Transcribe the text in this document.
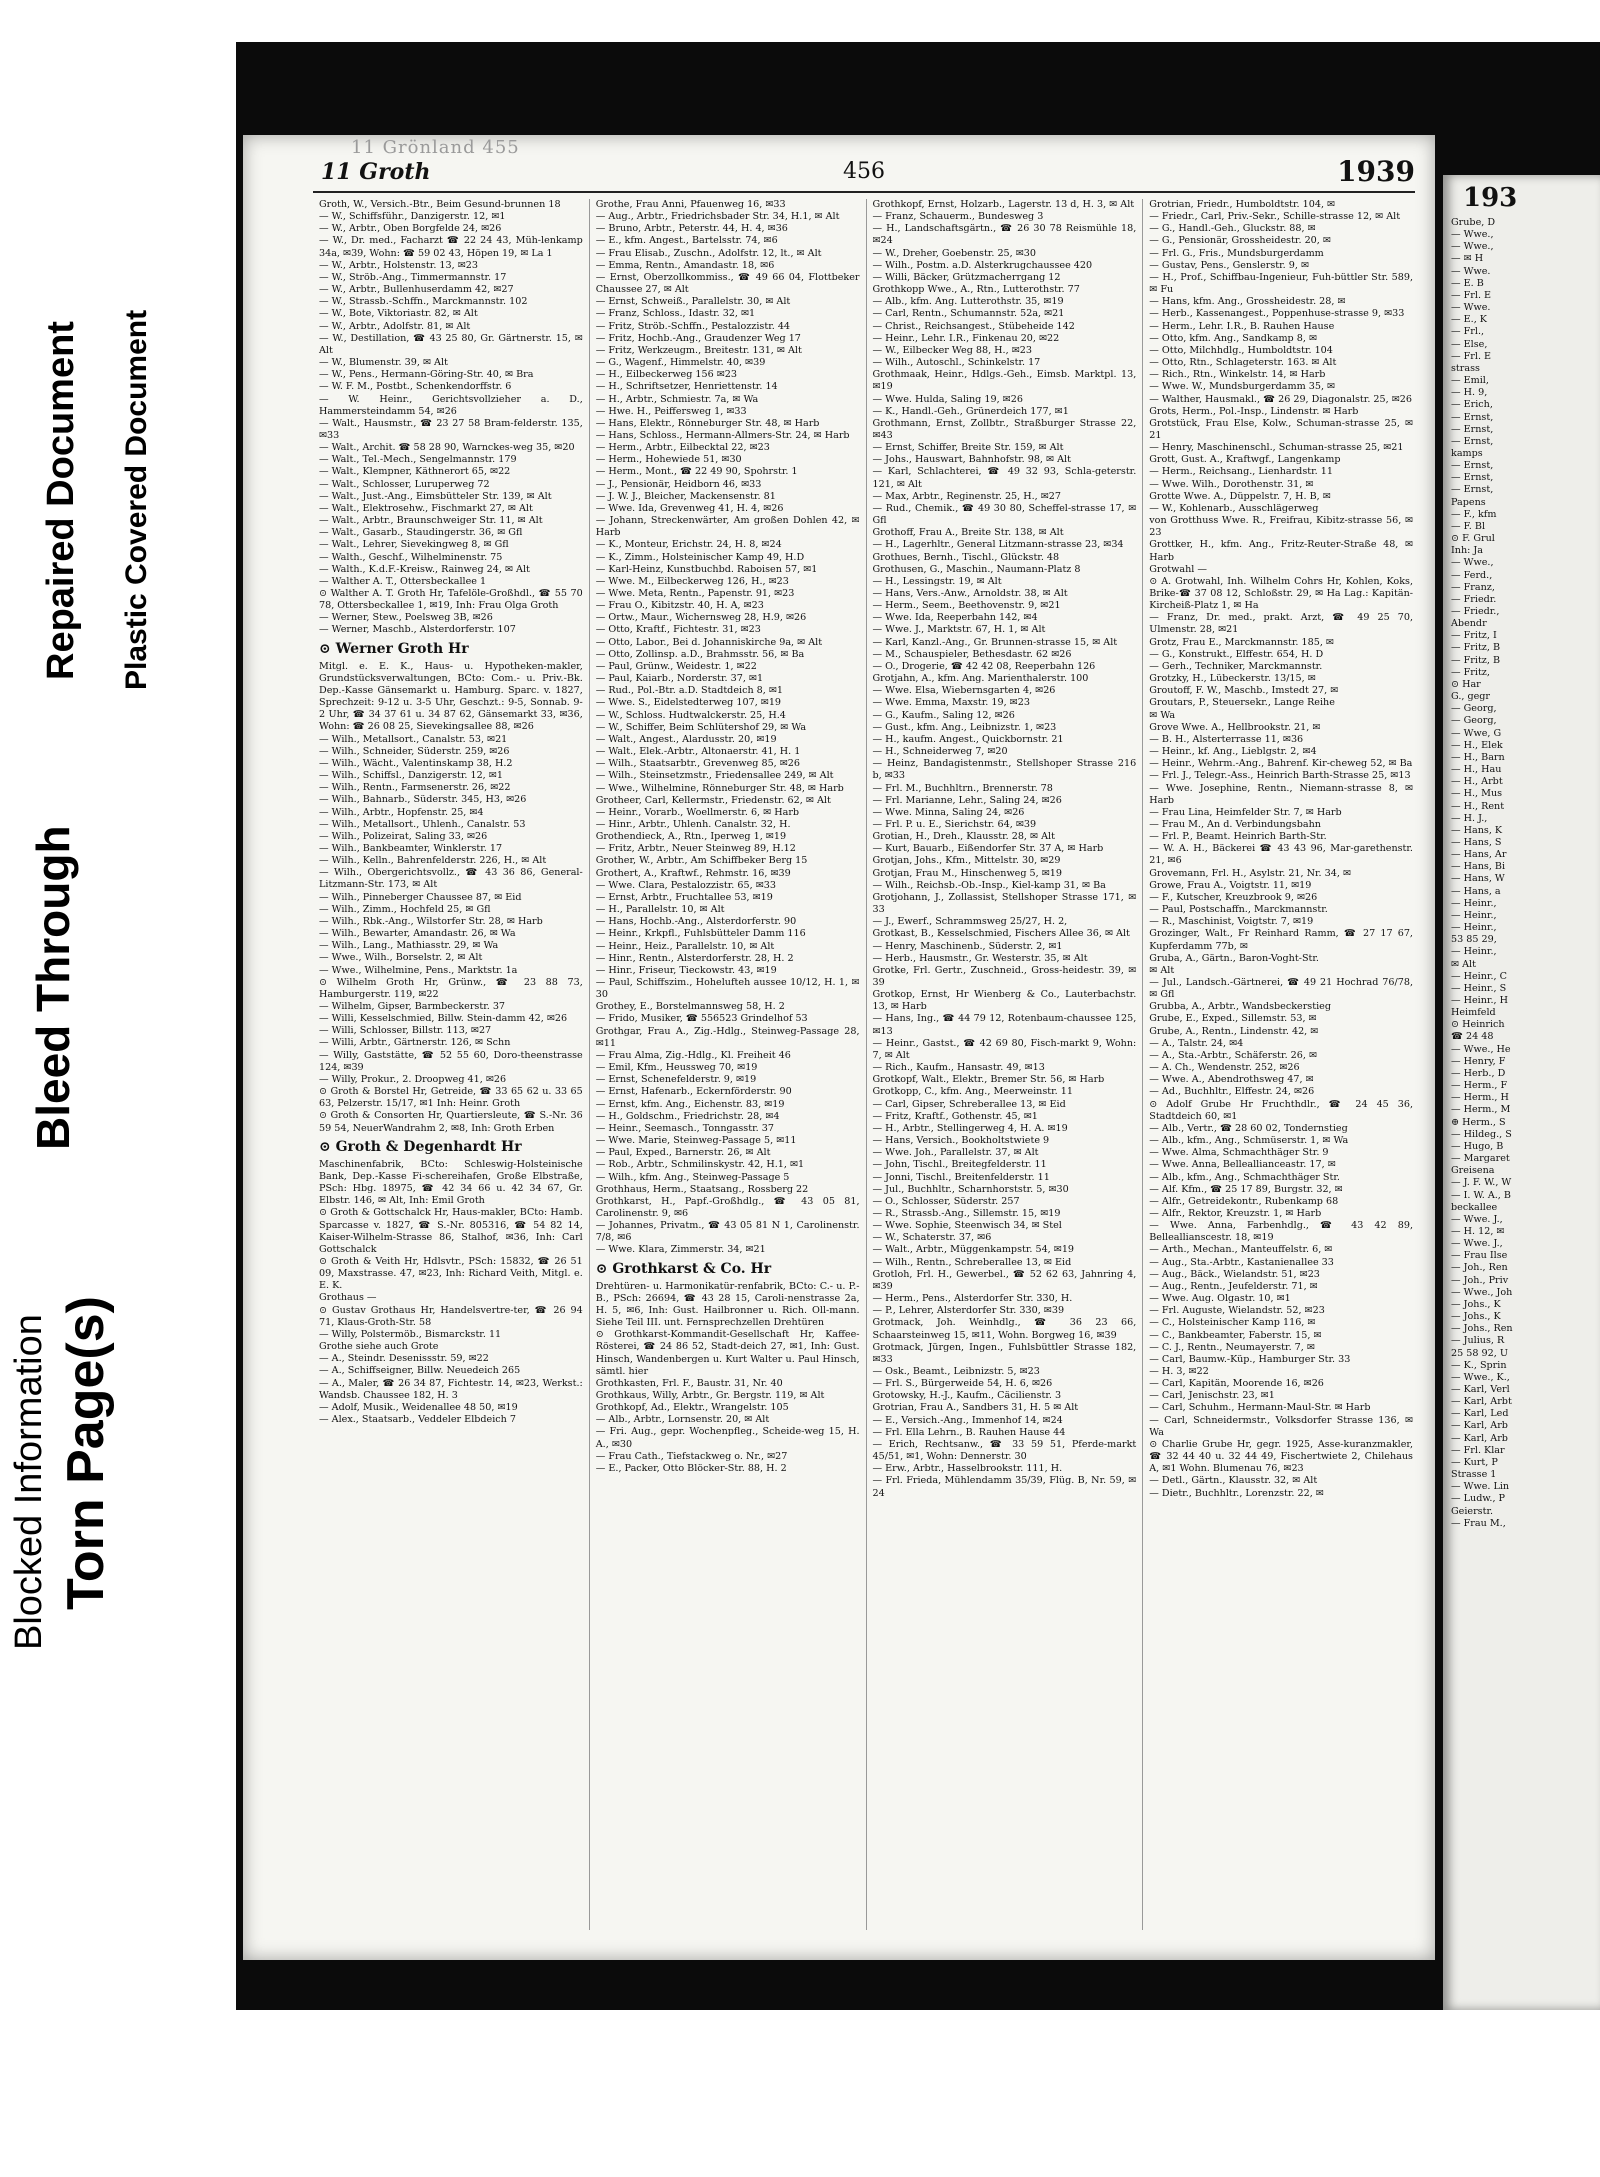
Blocked Information Torn Page(s)
Bleed Through
Repaired Document Plastic Covered Document
11 Grönland 455
11 Groth	456	1939

Groth, W., Versich.-Btr., Beim Gesund-brunnen 18

— W., Schiffsführ., Danzigerstr. 12, ✉1

— W., Arbtr., Oben Borgfelde 24, ✉26

— W., Dr. med., Facharzt ☎ 22 24 43, Müh-lenkamp 34a, ✉39, Wohn: ☎ 59 02 43, Höpen 19, ✉ La 1

— W., Arbtr., Holstenstr. 13, ✉23

— W., Ströb.-Ang., Timmermannstr. 17

— W., Arbtr., Bullenhuserdamm 42, ✉27

— W., Strassb.-Schffn., Marckmannstr. 102

— W., Bote, Viktoriastr. 82, ✉ Alt

— W., Arbtr., Adolfstr. 81, ✉ Alt

— W., Destillation, ☎ 43 25 80, Gr. Gärtnerstr. 15, ✉ Alt

— W., Blumenstr. 39, ✉ Alt

— W., Pens., Hermann-Göring-Str. 40, ✉ Bra

— W. F. M., Postbt., Schenkendorffstr. 6

— W. Heinr., Gerichtsvollzieher a. D., Hammersteindamm 54, ✉26

— Walt., Hausmstr., ☎ 23 27 58 Bram-felderstr. 135, ✉33

— Walt., Archit. ☎ 58 28 90, Warnckes-weg 35, ✉20

— Walt., Tel.-Mech., Sengelmannstr. 179

— Walt., Klempner, Käthnerort 65, ✉22

— Walt., Schlosser, Luruperweg 72

— Walt., Just.-Ang., Eimsbütteler Str. 139, ✉ Alt

— Walt., Elektrosehw., Fischmarkt 27, ✉ Alt

— Walt., Arbtr., Braunschweiger Str. 11, ✉ Alt

— Walt., Gasarb., Staudingerstr. 36, ✉ Gfl

— Walt., Lehrer, Sievekingweg 8, ✉ Gfl

— Walth., Geschf., Wilhelminenstr. 75

— Walth., K.d.F.-Kreisw., Rainweg 24, ✉ Alt

— Walther A. T., Ottersbeckallee 1

⊙ Walther A. T. Groth Hr, Tafelöle-Großhdl., ☎ 55 70 78, Ottersbeckallee 1, ✉19, Inh: Frau Olga Groth

— Werner, Stew., Poelsweg 3B, ✉26

— Werner, Maschb., Alsterdorferstr. 107

⊙ Werner Groth Hr

Mitgl. e. E. K., Haus- u. Hypotheken-makler, Grundstücksverwaltungen, BCto: Com.- u. Priv.-Bk. Dep.-Kasse Gänsemarkt u. Hamburg. Sparc. v. 1827, Sprechzeit: 9-12 u. 3-5 Uhr, Geschzt.: 9-5, Sonnab. 9-2 Uhr, ☎ 34 37 61 u. 34 87 62, Gänsemarkt 33, ✉36, Wohn: ☎ 26 08 25, Sievekingsallee 88, ✉26

— Wilh., Metallsort., Canalstr. 53, ✉21

— Wilh., Schneider, Süderstr. 259, ✉26

— Wilh., Wächt., Valentinskamp 38, H.2

— Wilh., Schiffsl., Danzigerstr. 12, ✉1

— Wilh., Rentn., Farmsenerstr. 26, ✉22

— Wilh., Bahnarb., Süderstr. 345, H3, ✉26

— Wilh., Arbtr., Hopfenstr. 25, ✉4

— Wilh., Metallsort., Uhlenh., Canalstr. 53

— Wilh., Polizeirat, Saling 33, ✉26

— Wilh., Bankbeamter, Winklerstr. 17

— Wilh., Kelln., Bahrenfelderstr. 226, H., ✉ Alt

— Wilh., Obergerichtsvollz., ☎ 43 36 86, General-Litzmann-Str. 173, ✉ Alt

— Wilh., Pinneberger Chaussee 87, ✉ Eid

— Wilh., Zimm., Hochfeld 25, ✉ Gfl

— Wilh., Rbk.-Ang., Wilstorfer Str. 28, ✉ Harb

— Wilh., Bewarter, Amandastr. 26, ✉ Wa

— Wilh., Lang., Mathiasstr. 29, ✉ Wa

— Wwe., Wilh., Borselstr. 2, ✉ Alt

— Wwe., Wilhelmine, Pens., Marktstr. 1a

⊙ Wilhelm Groth Hr, Grünw., ☎ 23 88 73, Hamburgerstr. 119, ✉22

— Wilhelm, Gipser, Barmbeckerstr. 37

— Willi, Kesselschmied, Billw. Stein-damm 42, ✉26

— Willi, Schlosser, Billstr. 113, ✉27

— Willi, Arbtr., Gärtnerstr. 126, ✉ Schn

— Willy, Gaststätte, ☎ 52 55 60, Doro-theenstrasse 124, ✉39

— Willy, Prokur., 2. Droopweg 41, ✉26

⊙ Groth & Borstel Hr, Getreide, ☎ 33 65 62 u. 33 65 63, Pelzerstr. 15/17, ✉1 Inh: Heinr. Groth

⊙ Groth & Consorten Hr, Quartiersleute, ☎ S.-Nr. 36 59 54, NeuerWandrahm 2, ✉8, Inh: Groth Erben

⊙ Groth & Degenhardt Hr

Maschinenfabrik, BCto: Schleswig-Holsteinische Bank, Dep.-Kasse Fi-schereihafen, Große Elbstraße, PSch: Hbg. 18975, ☎ 42 34 66 u. 42 34 67, Gr. Elbstr. 146, ✉ Alt, Inh: Emil Groth

⊙ Groth & Gottschalck Hr, Haus-makler, BCto: Hamb. Sparcasse v. 1827, ☎ S.-Nr. 805316, ☎ 54 82 14, Kaiser-Wilhelm-Strasse 86, Stalhof, ✉36, Inh: Carl Gottschalck

⊙ Groth & Veith Hr, Hdlsvtr., PSch: 15832, ☎ 26 51 09, Maxstrasse. 47, ✉23, Inh: Richard Veith, Mitgl. e. E. K.

Grothaus —

⊙ Gustav Grothaus Hr, Handelsvertre-ter, ☎ 26 94 71, Klaus-Groth-Str. 58

— Willy, Polstermöb., Bismarckstr. 11

Grothe siehe auch Grote

— A., Steindr. Desenissstr. 59, ✉22

— A., Schiffseigner, Billw. Neuedeich 265

— A., Maler, ☎ 26 34 87, Fichtestr. 14, ✉23, Werkst.: Wandsb. Chaussee 182, H. 3

— Adolf, Musik., Weidenallee 48 50, ✉19

— Alex., Staatsarb., Veddeler Elbdeich 7

Grothe, Frau Anni, Pfauenweg 16, ✉33

— Aug., Arbtr., Friedrichsbader Str. 34, H.1, ✉ Alt

— Bruno, Arbtr., Peterstr. 44, H. 4, ✉36

— E., kfm. Angest., Bartelsstr. 74, ✉6

— Frau Elisab., Zuschn., Adolfstr. 12, lt., ✉ Alt

— Emma, Rentn., Amandastr. 18, ✉6

— Ernst, Oberzollkommiss., ☎ 49 66 04, Flottbeker Chaussee 27, ✉ Alt

— Ernst, Schweiß., Parallelstr. 30, ✉ Alt

— Franz, Schloss., Idastr. 32, ✉1

— Fritz, Ströb.-Schffn., Pestalozzistr. 44

— Fritz, Hochb.-Ang., Graudenzer Weg 17

— Fritz, Werkzeugm., Breitestr. 131, ✉ Alt

— G., Wagenf., Himmelstr. 40, ✉39

— H., Eilbeckerweg 156 ✉23

— H., Schriftsetzer, Henriettenstr. 14

— H., Arbtr., Schmiestr. 7a, ✉ Wa

— Hwe. H., Peiffersweg 1, ✉33

— Hans, Elektr., Rönneburger Str. 48, ✉ Harb

— Hans, Schloss., Hermann-Allmers-Str. 24, ✉ Harb

— Herm., Arbtr., Eilbecktal 22, ✉23

— Herm., Hohewiede 51, ✉30

— Herm., Mont., ☎ 22 49 90, Spohrstr. 1

— J., Pensionär, Heidborn 46, ✉33

— J. W. J., Bleicher, Mackensenstr. 81

— Wwe. Ida, Grevenweg 41, H. 4, ✉26

— Johann, Streckenwärter, Am großen Dohlen 42, ✉ Harb

— K., Monteur, Erichstr. 24, H. 8, ✉24

— K., Zimm., Holsteinischer Kamp 49, H.D

— Karl-Heinz, Kunstbuchbd. Raboisen 57, ✉1

— Wwe. M., Eilbeckerweg 126, H., ✉23

— Wwe. Meta, Rentn., Papenstr. 91, ✉23

— Frau O., Kibitzstr. 40, H. A, ✉23

— Ortw., Maur., Wichernsweg 28, H.9, ✉26

— Otto, Kraftf., Fichtestr. 31, ✉23

— Otto, Labor., Bei d. Johanniskirche 9a, ✉ Alt

— Otto, Zollinsp. a.D., Brahmsstr. 56, ✉ Ba

— Paul, Grünw., Weidestr. 1, ✉22

— Paul, Kaiarb., Norderstr. 37, ✉1

— Rud., Pol.-Btr. a.D. Stadtdeich 8, ✉1

— Wwe. S., Eidelstedterweg 107, ✉19

— W., Schloss. Hudtwalckerstr. 25, H.4

— W., Schiffer, Beim Schlütershof 29, ✉ Wa

— Walt., Angest., Alardusstr. 20, ✉19

— Walt., Elek.-Arbtr., Altonaerstr. 41, H. 1

— Wilh., Staatsarbtr., Grevenweg 85, ✉26

— Wilh., Steinsetzmstr., Friedensallee 249, ✉ Alt

— Wwe., Wilhelmine, Rönneburger Str. 48, ✉ Harb

Grotheer, Carl, Kellermstr., Friedenstr. 62, ✉ Alt

— Heinr., Vorarb., Woellmerstr. 6, ✉ Harb

— Hinr., Arbtr., Uhlenh. Canalstr. 32, H.

Grothendieck, A., Rtn., Iperweg 1, ✉19

— Fritz, Arbtr., Neuer Steinweg 89, H.12

Grother, W., Arbtr., Am Schiffbeker Berg 15

Grothert, A., Kraftwf., Rehmstr. 16, ✉39

— Wwe. Clara, Pestalozzistr. 65, ✉33

— Ernst, Arbtr., Fruchtallee 53, ✉19

— H., Parallelstr. 10, ✉ Alt

— Hans, Hochb.-Ang., Alsterdorferstr. 90

— Heinr., Krkpfl., Fuhlsbütteler Damm 116

— Heinr., Heiz., Parallelstr. 10, ✉ Alt

— Hinr., Rentn., Alsterdorferstr. 28, H. 2

— Hinr., Friseur, Tieckowstr. 43, ✉19

— Paul, Schiffszim., Hohelufteh aussee 10/12, H. 1, ✉30

Grothey, E., Borstelmannsweg 58, H. 2

— Frido, Musiker, ☎ 556523 Grindelhof 53

Grothgar, Frau A., Zig.-Hdlg., Steinweg-Passage 28, ✉11

— Frau Alma, Zig.-Hdlg., Kl. Freiheit 46

— Emil, Kfm., Heussweg 70, ✉19

— Ernst, Schenefelderstr. 9, ✉19

— Ernst, Hafenarb., Eckernförderstr. 90

— Ernst, kfm. Ang., Eichenstr. 83, ✉19

— H., Goldschm., Friedrichstr. 28, ✉4

— Heinr., Seemasch., Tonngasstr. 37

— Wwe. Marie, Steinweg-Passage 5, ✉11

— Paul, Exped., Barnerstr. 26, ✉ Alt

— Rob., Arbtr., Schmilinskystr. 42, H.1, ✉1

— Wilh., kfm. Ang., Steinweg-Passage 5

Grothhaus, Herm., Staatsang., Rossberg 22

Grothkarst, H., Papf.-Großhdlg., ☎ 43 05 81, Carolinenstr. 9, ✉6

— Johannes, Privatm., ☎ 43 05 81 N 1, Carolinenstr. 7/8, ✉6

— Wwe. Klara, Zimmerstr. 34, ✉21

⊙ Grothkarst & Co. Hr

Drehtüren- u. Harmonikatür-renfabrik, BCto: C.- u. P.-B., PSch: 26694, ☎ 43 28 15, Caroli-nenstrasse 2a, H. 5, ✉6, Inh: Gust. Hailbronner u. Rich. Oll-mann. Siehe Teil III. unt. Fernsprechzellen Drehtüren

⊙ Grothkarst-Kommandit-Gesellschaft Hr, Kaffee-Rösterei, ☎ 24 86 52, Stadt-deich 27, ✉1, Inh: Gust. Hinsch, Wandenbergen u. Kurt Walter u. Paul Hinsch, sämtl. hier

Grothkasten, Frl. F., Baustr. 31, Nr. 40

Grothkaus, Willy, Arbtr., Gr. Bergstr. 119, ✉ Alt

Grothkopf, Ad., Elektr., Wrangelstr. 105

— Alb., Arbtr., Lornsenstr. 20, ✉ Alt

— Fri. Aug., gepr. Wochenpfleg., Scheide-weg 15, H. A., ✉30

— Frau Cath., Tiefstackweg o. Nr., ✉27

— E., Packer, Otto Blöcker-Str. 88, H. 2

Grothkopf, Ernst, Holzarb., Lagerstr. 13 d, H. 3, ✉ Alt

— Franz, Schauerm., Bundesweg 3

— H., Landschaftsgärtn., ☎ 26 30 78 Reismühle 18, ✉24

— W., Dreher, Goebenstr. 25, ✉30

— Wilh., Postm. a.D. Alsterkrugchaussee 420

— Willi, Bäcker, Grützmacherrgang 12

Grothkopp Wwe., A., Rtn., Lutterothstr. 77

— Alb., kfm. Ang. Lutterothstr. 35, ✉19

— Carl, Rentn., Schumannstr. 52a, ✉21

— Christ., Reichsangest., Stübeheide 142

— Heinr., Lehr. I.R., Finkenau 20, ✉22

— W., Eilbecker Weg 88, H., ✉23

— Wilh., Autoschl., Schinkelstr. 17

Grothmaak, Heinr., Hdlgs.-Geh., Eimsb. Marktpl. 13, ✉19

— Wwe. Hulda, Saling 19, ✉26

— K., Handl.-Geh., Grünerdeich 177, ✉1

Grothmann, Ernst, Zollbtr., Straßburger Strasse 22, ✉43

— Ernst, Schiffer, Breite Str. 159, ✉ Alt

— Johs., Hauswart, Bahnhofstr. 98, ✉ Alt

— Karl, Schlachterei, ☎ 49 32 93, Schla-geterstr. 121, ✉ Alt

— Max, Arbtr., Reginenstr. 25, H., ✉27

— Rud., Chemik., ☎ 49 30 80, Scheffel-strasse 17, ✉ Gfl

Grothoff, Frau A., Breite Str. 138, ✉ Alt

— H., Lagerhltr., General Litzmann-strasse 23, ✉34

Grothues, Bernh., Tischl., Glückstr. 48

Grothusen, G., Maschin., Naumann-Platz 8

— H., Lessingstr. 19, ✉ Alt

— Hans, Vers.-Anw., Arnoldstr. 38, ✉ Alt

— Herm., Seem., Beethovenstr. 9, ✉21

— Wwe. Ida, Reeperbahn 142, ✉4

— Wwe. J., Marktstr. 67, H. 1, ✉ Alt

— Karl, Kanzl.-Ang., Gr. Brunnen-strasse 15, ✉ Alt

— M., Schauspieler, Bethesdastr. 62 ✉26

— O., Drogerie, ☎ 42 42 08, Reeperbahn 126

Grotjahn, A., kfm. Ang. Marienthalerstr. 100

— Wwe. Elsa, Wiebernsgarten 4, ✉26

— Wwe. Emma, Maxstr. 19, ✉23

— G., Kaufm., Saling 12, ✉26

— Gust., kfm. Ang., Leibnizstr. 1, ✉23

— H., kaufm. Angest., Quickbornstr. 21

— H., Schneiderweg 7, ✉20

— Heinz, Bandagistenmstr., Stellshoper Strasse 216 b, ✉33

— Frl. M., Buchhltrn., Brennerstr. 78

— Frl. Marianne, Lehr., Saling 24, ✉26

— Wwe. Minna, Saling 24, ✉26

— Frl. P. u. E., Sierichstr. 64, ✉39

Grotian, H., Dreh., Klausstr. 28, ✉ Alt

— Kurt, Bauarb., Eißendorfer Str. 37 A, ✉ Harb

Grotjan, Johs., Kfm., Mittelstr. 30, ✉29

Grotjan, Frau M., Hinschenweg 5, ✉19

— Wilh., Reichsb.-Ob.-Insp., Kiel-kamp 31, ✉ Ba

Grotjohann, J., Zollassist, Stellshoper Strasse 171, ✉33

— J., Ewerf., Schrammsweg 25/27, H. 2,

Grotkast, B., Kesselschmied, Fischers Allee 36, ✉ Alt

— Henry, Maschinenb., Süderstr. 2, ✉1

— Herb., Hausmstr., Gr. Westerstr. 35, ✉ Alt

Grotke, Frl. Gertr., Zuschneid., Gross-heidestr. 39, ✉39

Grotkop, Ernst, Hr Wienberg & Co., Lauterbachstr. 13, ✉ Harb

— Hans, Ing., ☎ 44 79 12, Rotenbaum-chaussee 125, ✉13

— Heinr., Gastst., ☎ 42 69 80, Fisch-markt 9, Wohn: 7, ✉ Alt

— Rich., Kaufm., Hansastr. 49, ✉13

Grotkopf, Walt., Elektr., Bremer Str. 56, ✉ Harb

Grotkopp, C., kfm. Ang., Meerweinstr. 11

— Carl, Gipser, Schreberallee 13, ✉ Eid

— Fritz, Kraftf., Gothenstr. 45, ✉1

— H., Arbtr., Stellingerweg 4, H. A. ✉19

— Hans, Versich., Bookholtstwiete 9

— Wwe. Joh., Parallelstr. 37, ✉ Alt

— John, Tischl., Breitegfelderstr. 11

— Jonni, Tischl., Breitenfelderstr. 11

— Jul., Buchhltr., Scharnhorststr. 5, ✉30

— O., Schlosser, Süderstr. 257

— R., Strassb.-Ang., Sillemstr. 15, ✉19

— Wwe. Sophie, Steenwisch 34, ✉ Stel

— W., Schaterstr. 37, ✉6

— Walt., Arbtr., Müggenkampstr. 54, ✉19

— Wilh., Rentn., Schreberallee 13, ✉ Eid

Grotloh, Frl. H., Gewerbel., ☎ 52 62 63, Jahnring 4, ✉39

— Herm., Pens., Alsterdorfer Str. 330, H.

— P., Lehrer, Alsterdorfer Str. 330, ✉39

Grotmack, Joh. Weinhdlg., ☎ 36 23 66, Schaarsteinweg 15, ✉11, Wohn. Borgweg 16, ✉39

Grotmack, Jürgen, Ingen., Fuhlsbüttler Strasse 182, ✉33

— Osk., Beamt., Leibnizstr. 5, ✉23

— Frl. S., Bürgerweide 54, H. 6, ✉26

Grotowsky, H.-J., Kaufm., Cäcilienstr. 3

Grotrian, Frau A., Sandbers 31, H. 5 ✉ Alt

— E., Versich.-Ang., Immenhof 14, ✉24

— Frl. Ella Lehrn., B. Rauhen Hause 44

— Erich, Rechtsanw., ☎ 33 59 51, Pferde-markt 45/51, ✉1, Wohn: Dennerstr. 30

— Erw., Arbtr., Hasselbrookstr. 111, H.

— Frl. Frieda, Mühlendamm 35/39, Flüg. B, Nr. 59, ✉24

Grotrian, Friedr., Humboldtstr. 104, ✉

— Friedr., Carl, Priv.-Sekr., Schille-strasse 12, ✉ Alt

— G., Handl.-Geh., Gluckstr. 88, ✉

— G., Pensionär, Grossheidestr. 20, ✉

— Frl. G., Fris., Mundsburgerdamm

— Gustav, Pens., Genslerstr. 9, ✉

— H., Prof., Schiffbau-Ingenieur, Fuh-büttler Str. 589, ✉ Fu

— Hans, kfm. Ang., Grossheidestr. 28, ✉

— Herb., Kassenangest., Poppenhuse-strasse 9, ✉33

— Herm., Lehr. I.R., B. Rauhen Hause

— Otto, kfm. Ang., Sandkamp 8, ✉

— Otto, Milchhdlg., Humboldtstr. 104

— Otto, Rtn., Schlageterstr. 163. ✉ Alt

— Rich., Rtn., Winkelstr. 14, ✉ Harb

— Wwe. W., Mundsburgerdamm 35, ✉

— Walther, Hausmakl., ☎ 26 29, Diagonalstr. 25, ✉26

Grots, Herm., Pol.-Insp., Lindenstr. ✉ Harb

Grotstück, Frau Else, Kolw., Schuman-strasse 25, ✉21

— Henry, Maschinenschl., Schuman-strasse 25, ✉21

Grott, Gust. A., Kraftwgf., Langenkamp

— Herm., Reichsang., Lienhardstr. 11

— Wwe. Wilh., Dorothenstr. 31, ✉

Grotte Wwe. A., Düppelstr. 7, H. B, ✉

— W., Kohlenarb., Ausschlägerweg

von Grotthuss Wwe. R., Freifrau, Kibitz-strasse 56, ✉23

Grottker, H., kfm. Ang., Fritz-Reuter-Straße 48, ✉ Harb

Grotwahl —

⊙ A. Grotwahl, Inh. Wilhelm Cohrs Hr, Kohlen, Koks, Brike-☎ 37 08 12, Schloßstr. 29, ✉ Ha Lag.: Kapitän-Kircheiß-Platz 1, ✉ Ha

— Franz, Dr. med., prakt. Arzt, ☎ 49 25 70, Ulmenstr. 28, ✉21

Grotz, Frau E., Marckmannstr. 185, ✉

— G., Konstrukt., Elffestr. 654, H. D

— Gerh., Techniker, Marckmannstr.

Grotzky, H., Lübeckerstr. 13/15, ✉

Groutoff, F. W., Maschb., Imstedt 27, ✉

Groutars, P., Steuersekr., Lange Reihe

✉ Wa

Grove Wwe. A., Hellbrookstr. 21, ✉

— B. H., Alsterterrasse 11, ✉36

— Heinr., kf. Ang., Lieblgstr. 2, ✉4

— Heinr., Wehrm.-Ang., Bahrenf. Kir-cheweg 52, ✉ Ba

— Frl. J., Telegr.-Ass., Heinrich Barth-Strasse 25, ✉13

— Wwe. Josephine, Rentn., Niemann-strasse 8, ✉ Harb

— Frau Lina, Heimfelder Str. 7, ✉ Harb

— Frau M., An d. Verbindungsbahn

— Frl. P., Beamt. Heinrich Barth-Str.

— W. A. H., Bäckerei ☎ 43 43 96, Mar-garethenstr. 21, ✉6

Grovemann, Frl. H., Asylstr. 21, Nr. 34, ✉

Growe, Frau A., Voigtstr. 11, ✉19

— F., Kutscher, Kreuzbrook 9, ✉26

— Paul, Postschaffn., Marckmannstr.

— R., Maschinist, Voigtstr. 7, ✉19

Grozinger, Walt., Fr Reinhard Ramm, ☎ 27 17 67, Kupferdamm 77b, ✉

Gruba, A., Gärtn., Baron-Voght-Str.

✉ Alt

— Jul., Landsch.-Gärtnerei, ☎ 49 21 Hochrad 76/78, ✉ Gfl

Grubba, A., Arbtr., Wandsbeckerstieg

Grube, E., Exped., Sillemstr. 53, ✉

Grube, A., Rentn., Lindenstr. 42, ✉

— A., Talstr. 24, ✉4

— A., Sta.-Arbtr., Schäferstr. 26, ✉

— A. Ch., Wendenstr. 252, ✉26

— Wwe. A., Abendrothsweg 47, ✉

— Ad., Buchhltr., Elffestr. 24, ✉26

⊙ Adolf Grube Hr Fruchthdlr., ☎ 24 45 36, Stadtdeich 60, ✉1

— Alb., Vertr., ☎ 28 60 02, Tondernstieg

— Alb., kfm., Ang., Schmüserstr. 1, ✉ Wa

— Wwe. Alma, Schmachthäger Str. 9

— Wwe. Anna, Belleallianceastr. 17, ✉

— Alb., kfm., Ang., Schmachthäger Str.

— Alf. Kfm., ☎ 25 17 89, Burgstr. 32, ✉

— Alfr., Getreidekontr., Rubenkamp 68

— Alfr., Rektor, Kreuzstr. 1, ✉ Harb

— Wwe. Anna, Farbenhdlg., ☎ 43 42 89, Belleallianscestr. 18, ✉19

— Arth., Mechan., Manteuffelstr. 6, ✉

— Aug., Sta.-Arbtr., Kastanienallee 33

— Aug., Bäck., Wielandstr. 51, ✉23

— Aug., Rentn., Jeufelderstr. 71, ✉

— Wwe. Aug. Olgastr. 10, ✉1

— Frl. Auguste, Wielandstr. 52, ✉23

— C., Holsteinischer Kamp 116, ✉

— C., Bankbeamter, Faberstr. 15, ✉

— C. J., Rentn., Neumayerstr. 7, ✉

— Carl, Baumw.-Küp., Hamburger Str. 33

— H. 3, ✉22

— Carl, Kapitän, Moorende 16, ✉26

— Carl, Jenischstr. 23, ✉1

— Carl, Schuhm., Hermann-Maul-Str. ✉ Harb

— Carl, Schneidermstr., Volksdorfer Strasse 136, ✉ Wa

⊙ Charlie Grube Hr, gegr. 1925, Asse-kuranzmakler, ☎ 32 44 40 u. 32 44 49, Fischertwiete 2, Chilehaus A, ✉1 Wohn. Blumenau 76, ✉23

— Detl., Gärtn., Klausstr. 32, ✉ Alt

— Dietr., Buchhltr., Lorenzstr. 22, ✉

193

Grube, D

— Wwe.,

— Wwe.,

— ✉ H

— Wwe.

— E. B

— Frl. E

— Wwe.

— E., K

— Frl.,

— Else,

— Frl. E

strass

— Emil,

— H. 9,

— Erich,

— Ernst,

— Ernst,

— Ernst,

kamps

— Ernst,

— Ernst,

— Ernst,

Papens

— F., kfm

— F. Bl

⊙ F. Grul

Inh: Ja

— Wwe.,

— Ferd.,

— Franz,

— Friedr.

— Friedr.,

Abendr

— Fritz, I

— Fritz, B

— Fritz, B

— Fritz,

⊙ Har

G., gegr

— Georg,

— Georg,

— Wwe, G

— H., Elek

— H., Barn

— H., Hau

— H., Arbt

— H., Mus

— H., Rent

— H. J.,

— Hans, K

— Hans, S

— Hans, Ar

— Hans, Bi

— Hans, W

— Hans, a

— Heinr.,

— Heinr.,

— Heinr.,

53 85 29,

— Heinr.,

✉ Alt

— Heinr., C

— Heinr., S

— Heinr., H

Heimfeld

⊙ Heinrich

☎ 24 48

— Wwe., He

— Henry, F

— Herb., D

— Herm., F

— Herm., H

— Herm., M

⊕ Herm., S

— Hildeg., S

— Hugo, B

— Margaret

Greisena

— J. F. W., W

— I. W. A., B

beckallee

— Wwe. J.,

— H. 12, ✉

— Wwe. J.,

— Frau Ilse

— Joh., Ren

— Joh., Priv

— Wwe., Joh

— Johs., K

— Johs., K

— Johs., Ren

— Julius, R

25 58 92, U

— K., Sprin

— Wwe., K.,

— Karl, Verl

— Karl, Arbt

— Karl, Led

— Karl, Arb

— Karl, Arb

— Frl. Klar

— Kurt, P

Strasse 1

— Wwe. Lin

— Ludw., P

Geierstr.

— Frau M.,
